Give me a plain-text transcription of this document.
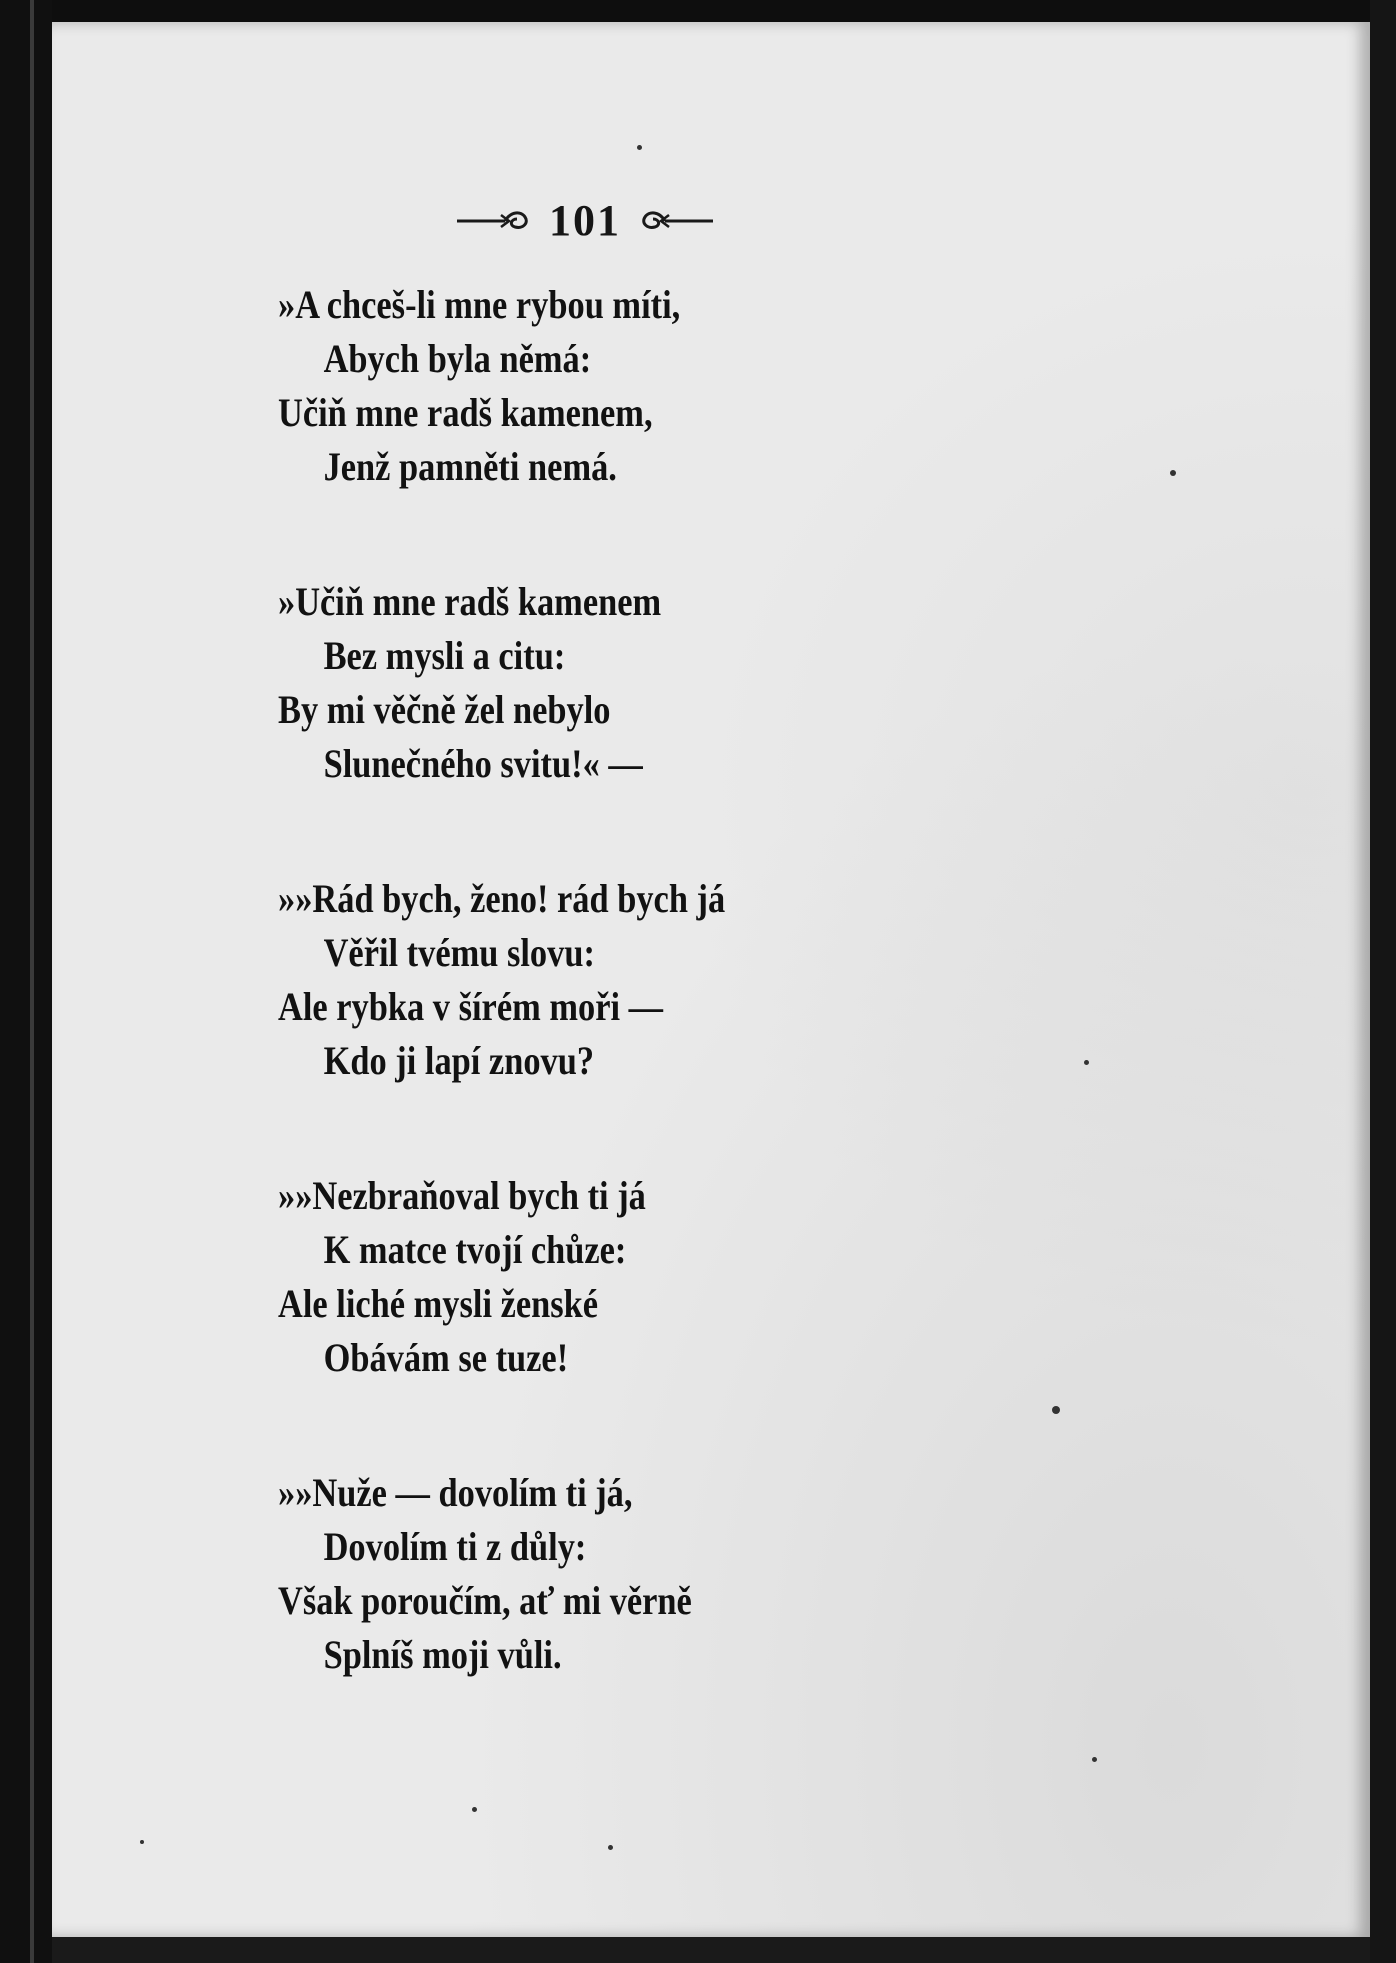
101
»A chceš-li mne rybou míti,
Abych byla němá:
Učiň mne radš kamenem,
Jenž pamněti nemá.
»Učiň mne radš kamenem
Bez mysli a citu:
By mi věčně žel nebylo
Slunečného svitu!« —
»»Rád bych, ženo! rád bych já
Věřil tvému slovu:
Ale rybka v šírém moři —
Kdo ji lapí znovu?
»»Nezbraňoval bych ti já
K matce tvojí chůze:
Ale liché mysli ženské
Obávám se tuze!
»»Nuže — dovolím ti já,
Dovolím ti z důly:
Však poroučím, ať mi věrně
Splníš moji vůli.
